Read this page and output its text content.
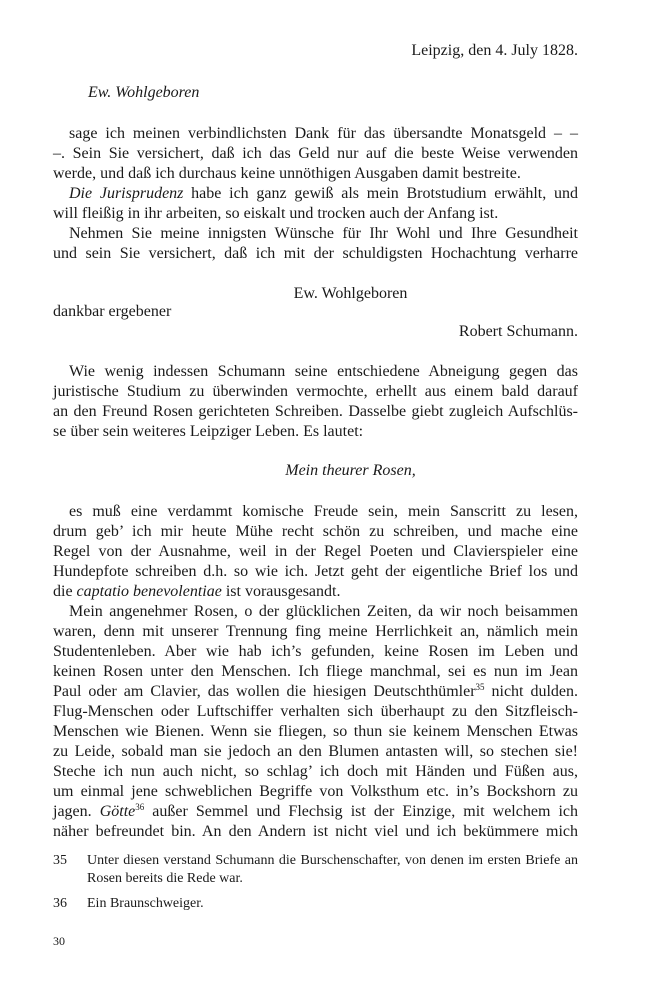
Leipzig, den 4. July 1828.

Ew. Wohlgeboren

sage ich meinen verbindlichsten Dank für das übersandte Monatsgeld – –

–. Sein Sie versichert, daß ich das Geld nur auf die beste Weise verwenden

werde, und daß ich durchaus keine unnöthigen Ausgaben damit bestreite.

Die Jurisprudenz habe ich ganz gewiß als mein Brotstudium erwählt, und

will fleißig in ihr arbeiten, so eiskalt und trocken auch der Anfang ist.

Nehmen Sie meine innigsten Wünsche für Ihr Wohl und Ihre Gesundheit

und sein Sie versichert, daß ich mit der schuldigsten Hochachtung verharre

Ew. Wohlgeboren

dankbar ergebener

Robert Schumann.

Wie wenig indessen Schumann seine entschiedene Abneigung gegen das

juristische Studium zu überwinden vermochte, erhellt aus einem bald darauf

an den Freund Rosen gerichteten Schreiben. Dasselbe giebt zugleich Aufschlüs-

se über sein weiteres Leipziger Leben. Es lautet:

Mein theurer Rosen,

es muß eine verdammt komische Freude sein, mein Sanscritt zu lesen,

drum geb’ ich mir heute Mühe recht schön zu schreiben, und mache eine

Regel von der Ausnahme, weil in der Regel Poeten und Clavierspieler eine

Hundepfote schreiben d.h. so wie ich. Jetzt geht der eigentliche Brief los und

die captatio benevolentiae ist vorausgesandt.

Mein angenehmer Rosen, o der glücklichen Zeiten, da wir noch beisammen

waren, denn mit unserer Trennung fing meine Herrlichkeit an, nämlich mein

Studentenleben. Aber wie hab ich’s gefunden, keine Rosen im Leben und

keinen Rosen unter den Menschen. Ich fliege manchmal, sei es nun im Jean

Paul oder am Clavier, das wollen die hiesigen Deutschthümler$^{35}$ nicht dulden.

Flug-Menschen oder Luftschiffer verhalten sich überhaupt zu den Sitzfleisch-

Menschen wie Bienen. Wenn sie fliegen, so thun sie keinem Menschen Etwas

zu Leide, sobald man sie jedoch an den Blumen antasten will, so stechen sie!

Steche ich nun auch nicht, so schlag’ ich doch mit Händen und Füßen aus,

um einmal jene schweblichen Begriffe von Volksthum etc. in’s Bockshorn zu

jagen. Götte$^{36}$ außer Semmel und Flechsig ist der Einzige, mit welchem ich

näher befreundet bin. An den Andern ist nicht viel und ich bekümmere mich

35 Unter diesen verstand Schumann die Burschenschafter, von denen im ersten Briefe an Rosen bereits die Rede war.
36 Ein Braunschweiger.

30
